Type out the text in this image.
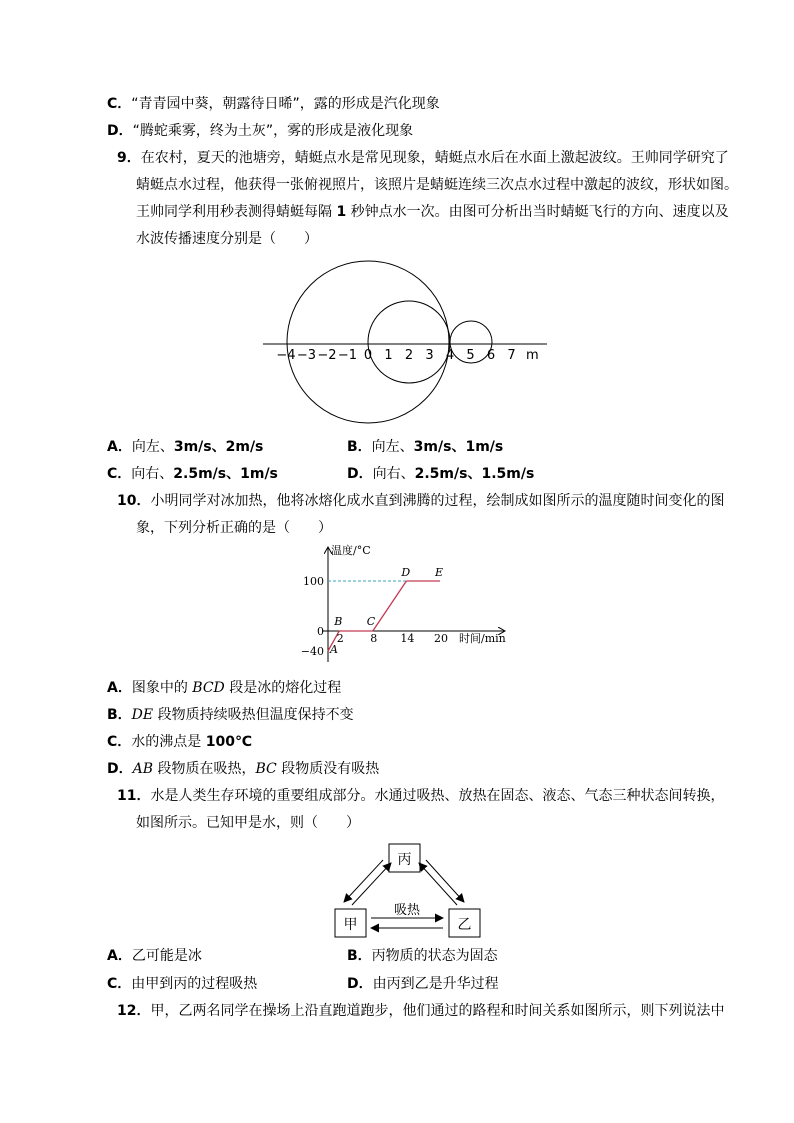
C．“青青园中葵，朝露待日晞”，露的形成是汽化现象
D．“腾蛇乘雾，终为土灰”，雾的形成是液化现象
9．在农村，夏天的池塘旁，蜻蜓点水是常见现象，蜻蜓点水后在水面上激起波纹。王帅同学研究了
蜻蜓点水过程，他获得一张俯视照片，该照片是蜻蜓连续三次点水过程中激起的波纹，形状如图。
王帅同学利用秒表测得蜻蜓每隔 1 秒钟点水一次。由图可分析出当时蜻蜓飞行的方向、速度以及
水波传播速度分别是（　　）
−4 −3 −2 −1 0 1 2 3 4 5 6 7 m
A．向左、3m/s、2m/s	B．向左、3m/s、1m/s
C．向右、2.5m/s、1m/s	D．向右、2.5m/s、1.5m/s
10．小明同学对冰加热，他将冰熔化成水直到沸腾的过程，绘制成如图所示的温度随时间变化的图
象，下列分析正确的是（　　）
温度/°C
时间/min
−40
0
100
2 8 14 20
A
B C
D E
A．图象中的 BCD 段是冰的熔化过程
B．DE 段物质持续吸热但温度保持不变
C．水的沸点是 100℃
D．AB 段物质在吸热，BC 段物质没有吸热
11．水是人类生存环境的重要组成部分。水通过吸热、放热在固态、液态、气态三种状态间转换，
如图所示。已知甲是水，则（　　）
丙
甲	乙
吸热
A．乙可能是冰	B．丙物质的状态为固态
C．由甲到丙的过程吸热	D．由丙到乙是升华过程
12．甲，乙两名同学在操场上沿直跑道跑步，他们通过的路程和时间关系如图所示，则下列说法中
